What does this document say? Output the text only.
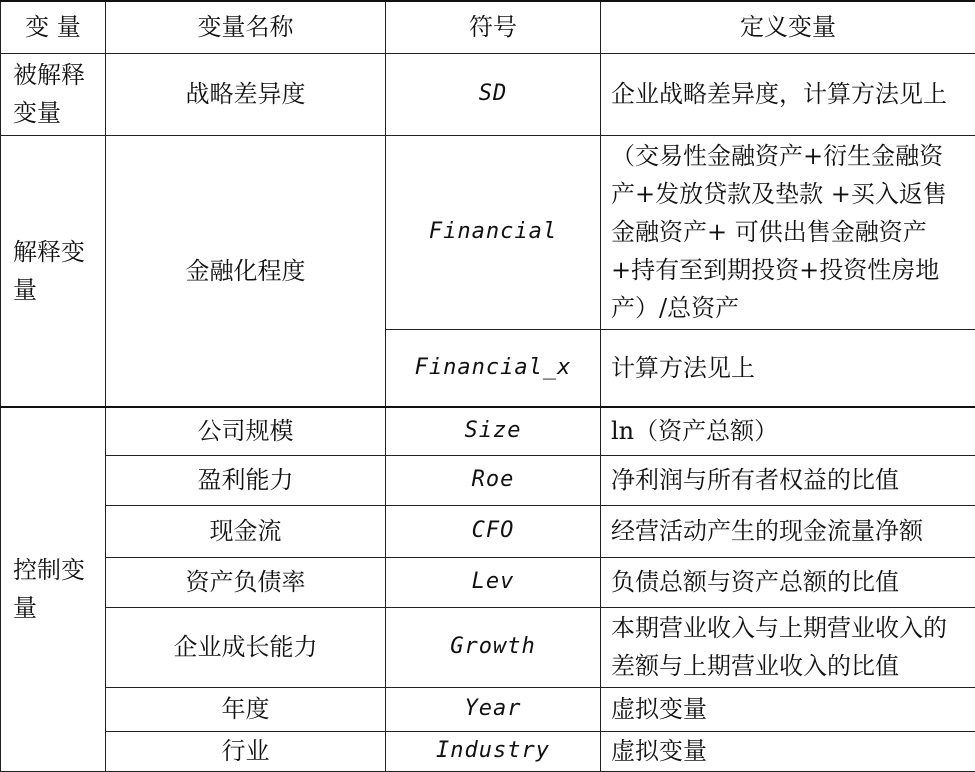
变 量	变量名称	符号	定义变量
被解释变量	战略差异度	SD	企业战略差异度，计算方法见上
解释变量	金融化程度	Financial	（交易性金融资产+衍生金融资产+发放贷款及垫款 +买入返售金融资产+ 可供出售金融资产+持有至到期投资+投资性房地产）/总资产
		Financial_x	计算方法见上
控制变量	公司规模	Size	ln（资产总额）
	盈利能力	Roe	净利润与所有者权益的比值
	现金流	CFO	经营活动产生的现金流量净额
	资产负债率	Lev	负债总额与资产总额的比值
	企业成长能力	Growth	本期营业收入与上期营业收入的差额与上期营业收入的比值
	年度	Year	虚拟变量
	行业	Industry	虚拟变量
